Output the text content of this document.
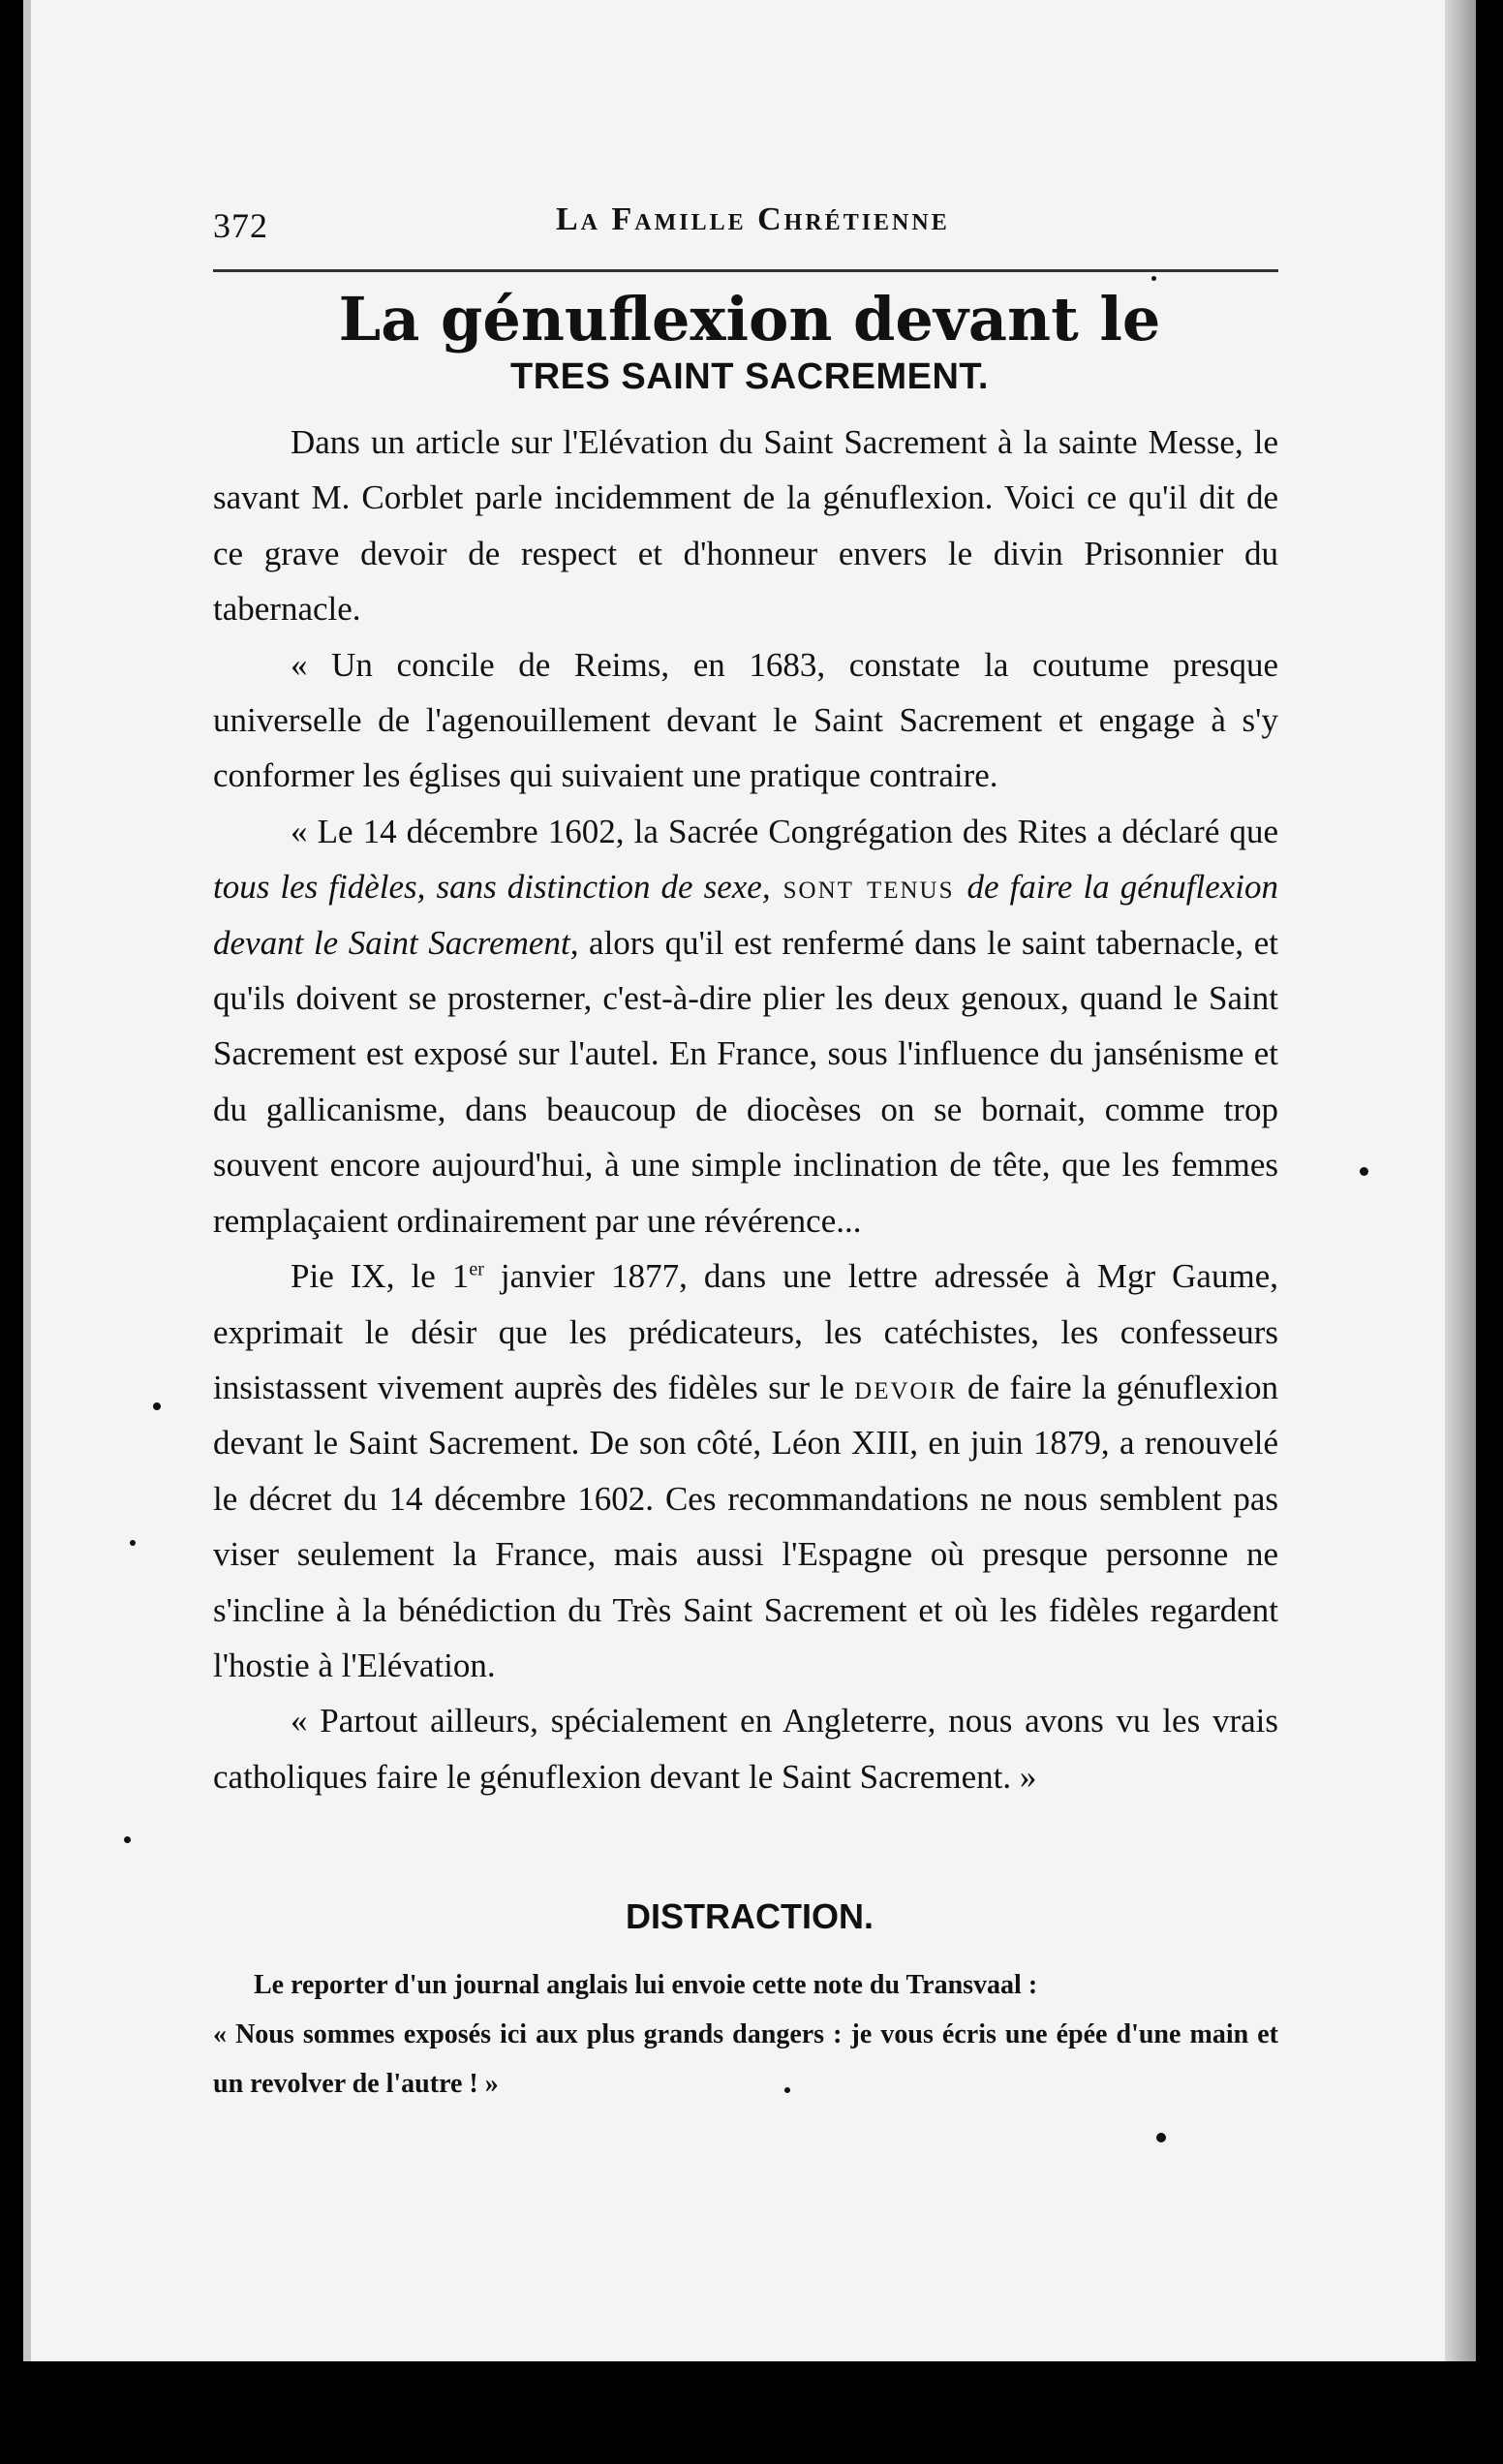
372	La Famille Chrétienne
La génuflexion devant le
TRES SAINT SACREMENT.

Dans un article sur l'Elévation du Saint Sacrement à la sainte Messe, le savant M. Corblet parle incidemment de la génuflexion. Voici ce qu'il dit de ce grave devoir de respect et d'honneur envers le divin Prisonnier du tabernacle.

« Un concile de Reims, en 1683, constate la coutume presque universelle de l'agenouillement devant le Saint Sacrement et engage à s'y conformer les églises qui suivaient une pratique contraire.

« Le 14 décembre 1602, la Sacrée Congrégation des Rites a déclaré que tous les fidèles, sans distinction de sexe, sont tenus de faire la génuflexion devant le Saint Sacrement, alors qu'il est renfermé dans le saint tabernacle, et qu'ils doivent se prosterner, c'est-à-dire plier les deux genoux, quand le Saint Sacrement est exposé sur l'autel. En France, sous l'influence du jansénisme et du gallicanisme, dans beaucoup de diocèses on se bornait, comme trop souvent encore aujourd'hui, à une simple inclination de tête, que les femmes remplaçaient ordinairement par une révérence...

Pie IX, le 1er janvier 1877, dans une lettre adressée à Mgr Gaume, exprimait le désir que les prédicateurs, les catéchistes, les confesseurs insistassent vivement auprès des fidèles sur le devoir de faire la génuflexion devant le Saint Sacrement. De son côté, Léon XIII, en juin 1879, a renouvelé le décret du 14 décembre 1602. Ces recommandations ne nous semblent pas viser seulement la France, mais aussi l'Espagne où presque personne ne s'incline à la bénédiction du Très Saint Sacrement et où les fidèles regardent l'hostie à l'Elévation.

« Partout ailleurs, spécialement en Angleterre, nous avons vu les vrais catholiques faire le génuflexion devant le Saint Sacrement. »

DISTRACTION.

Le reporter d'un journal anglais lui envoie cette note du Transvaal :

« Nous sommes exposés ici aux plus grands dangers : je vous écris une épée d'une main et un revolver de l'autre ! »
